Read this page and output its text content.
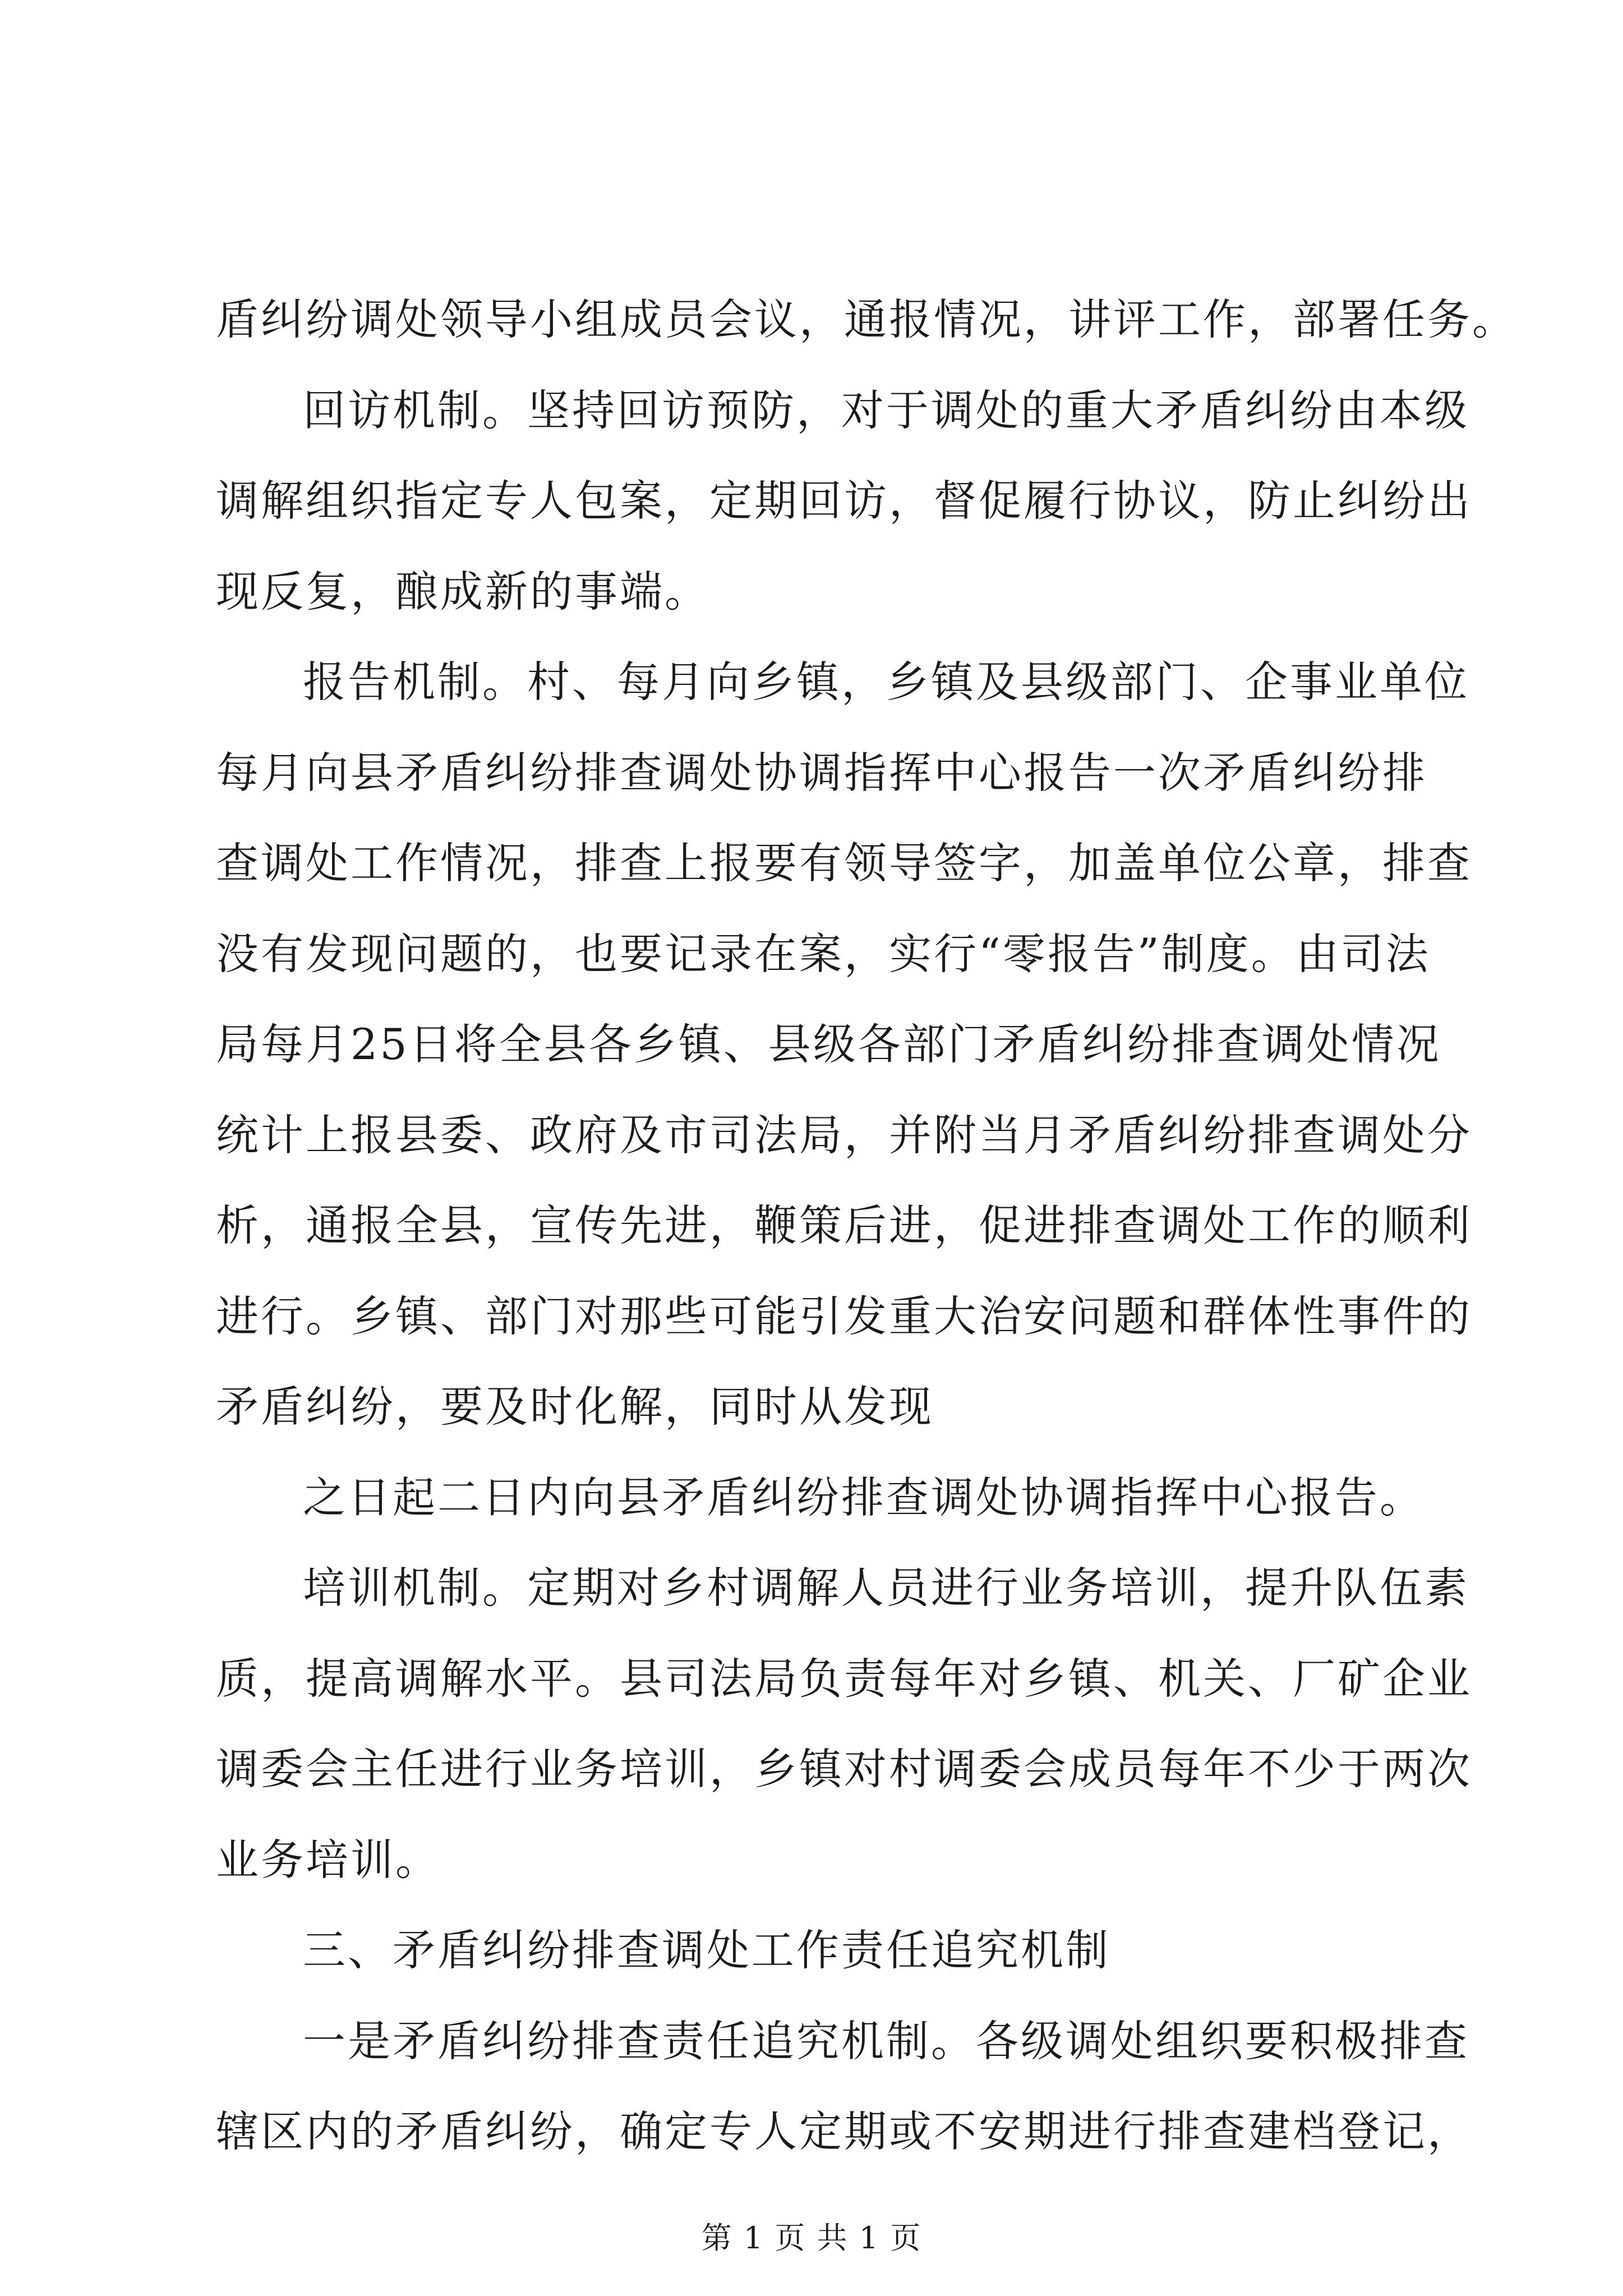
盾纠纷调处领导小组成员会议，通报情况，讲评工作，部署任务。
回访机制。坚持回访预防，对于调处的重大矛盾纠纷由本级
调解组织指定专人包案，定期回访，督促履行协议，防止纠纷出
现反复，酿成新的事端。
报告机制。村、每月向乡镇，乡镇及县级部门、企事业单位
每月向县矛盾纠纷排查调处协调指挥中心报告一次矛盾纠纷排
查调处工作情况，排查上报要有领导签字，加盖单位公章，排查
没有发现问题的，也要记录在案，实行“零报告”制度。由司法
局每月25日将全县各乡镇、县级各部门矛盾纠纷排查调处情况
统计上报县委、政府及市司法局，并附当月矛盾纠纷排查调处分
析，通报全县，宣传先进，鞭策后进，促进排查调处工作的顺利
进行。乡镇、部门对那些可能引发重大治安问题和群体性事件的
矛盾纠纷，要及时化解，同时从发现
之日起二日内向县矛盾纠纷排查调处协调指挥中心报告。
培训机制。定期对乡村调解人员进行业务培训，提升队伍素
质，提高调解水平。县司法局负责每年对乡镇、机关、厂矿企业
调委会主任进行业务培训，乡镇对村调委会成员每年不少于两次
业务培训。
三、矛盾纠纷排查调处工作责任追究机制
一是矛盾纠纷排查责任追究机制。各级调处组织要积极排查
辖区内的矛盾纠纷，确定专人定期或不安期进行排查建档登记，
第 1 页 共 1 页
